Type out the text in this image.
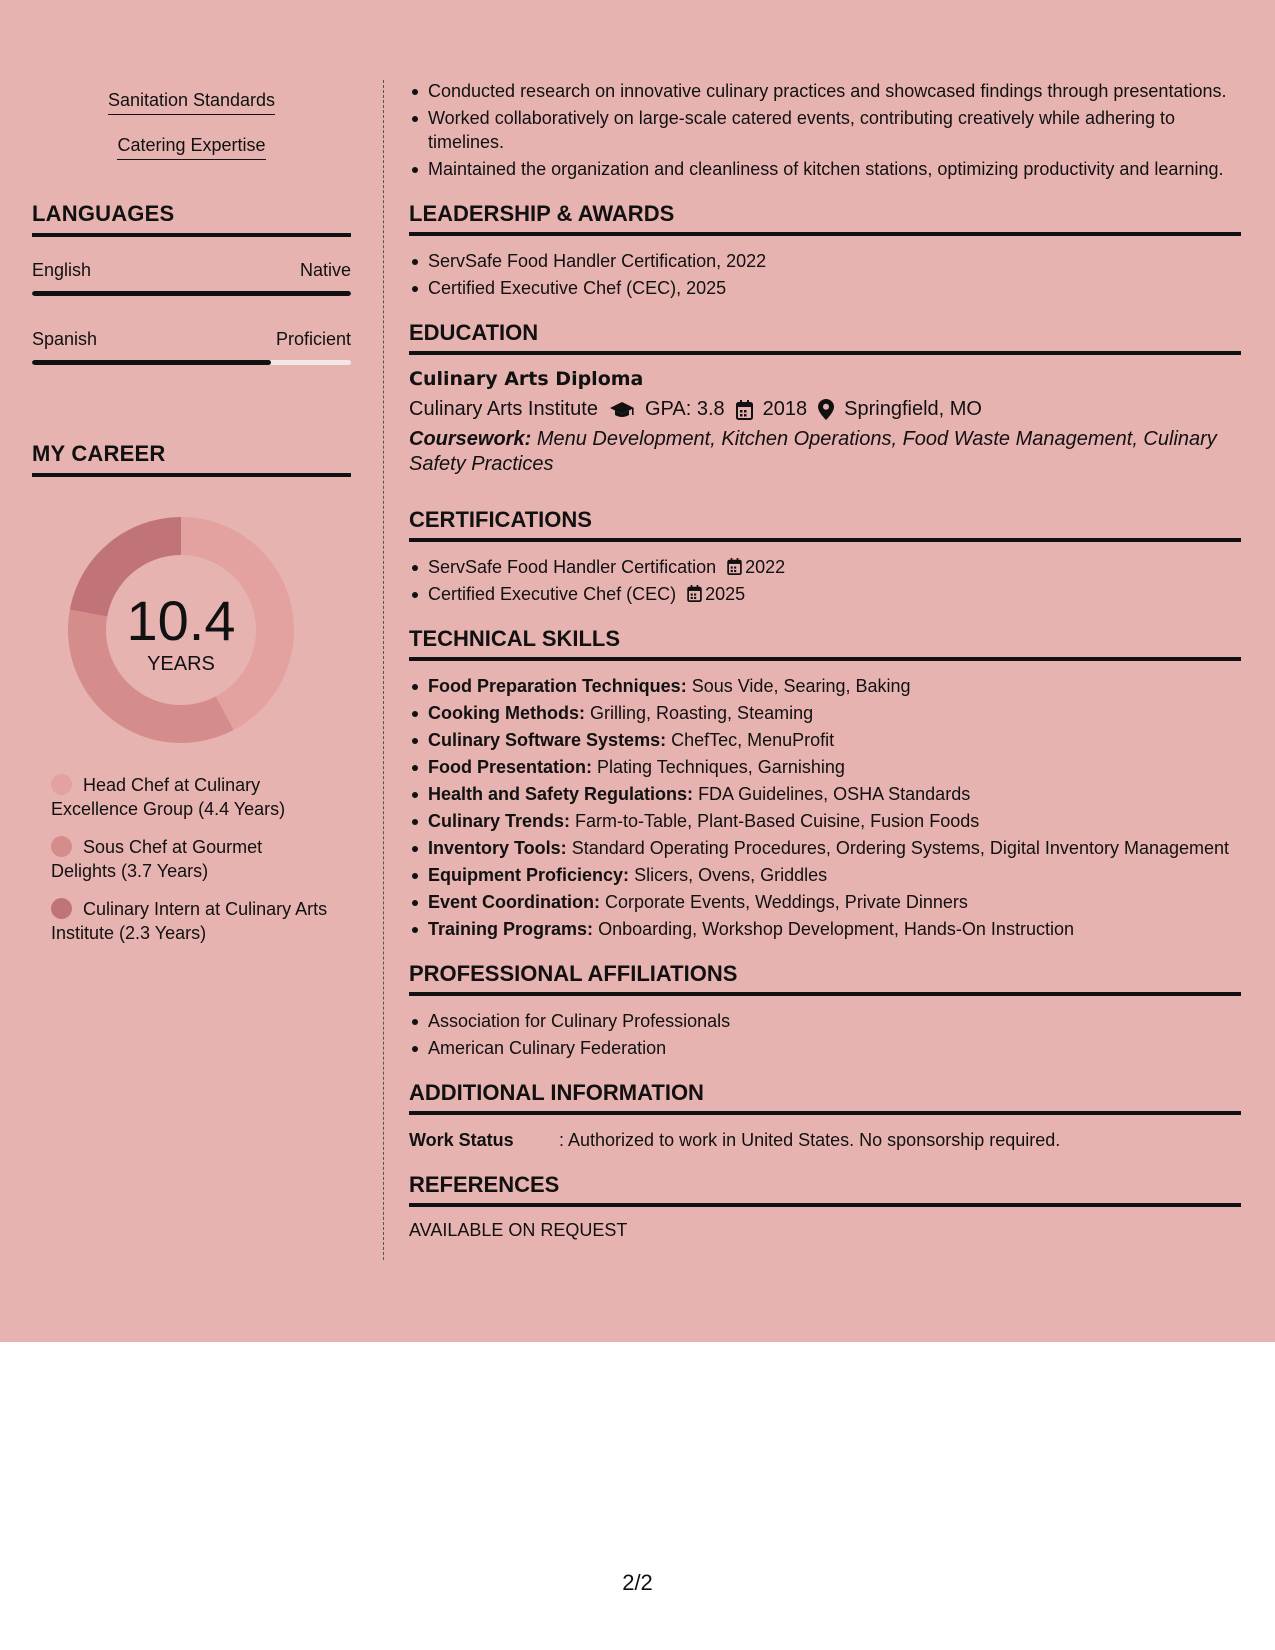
Sanitation Standards
Catering Expertise
LANGUAGES
English	Native
Spanish	Proficient
MY CAREER
10.4
YEARS
Head Chef at Culinary Excellence Group (4.4 Years)
Sous Chef at Gourmet Delights (3.7 Years)
Culinary Intern at Culinary Arts Institute (2.3 Years)
Conducted research on innovative culinary practices and showcased findings through presentations.
Worked collaboratively on large-scale catered events, contributing creatively while adhering to timelines.
Maintained the organization and cleanliness of kitchen stations, optimizing productivity and learning.
LEADERSHIP & AWARDS
ServSafe Food Handler Certification, 2022
Certified Executive Chef (CEC), 2025
EDUCATION
Culinary Arts Diploma
Culinary Arts Institute GPA: 3.8 2018 Springfield, MO
Coursework: Menu Development, Kitchen Operations, Food Waste Management, Culinary Safety Practices
CERTIFICATIONS
ServSafe Food Handler Certification 2022
Certified Executive Chef (CEC) 2025
TECHNICAL SKILLS
Food Preparation Techniques: Sous Vide, Searing, Baking
Cooking Methods: Grilling, Roasting, Steaming
Culinary Software Systems: ChefTec, MenuProfit
Food Presentation: Plating Techniques, Garnishing
Health and Safety Regulations: FDA Guidelines, OSHA Standards
Culinary Trends: Farm-to-Table, Plant-Based Cuisine, Fusion Foods
Inventory Tools: Standard Operating Procedures, Ordering Systems, Digital Inventory Management
Equipment Proficiency: Slicers, Ovens, Griddles
Event Coordination: Corporate Events, Weddings, Private Dinners
Training Programs: Onboarding, Workshop Development, Hands-On Instruction
PROFESSIONAL AFFILIATIONS
Association for Culinary Professionals
American Culinary Federation
ADDITIONAL INFORMATION
Work Status	: Authorized to work in United States. No sponsorship required.
REFERENCES
AVAILABLE ON REQUEST
2/2
